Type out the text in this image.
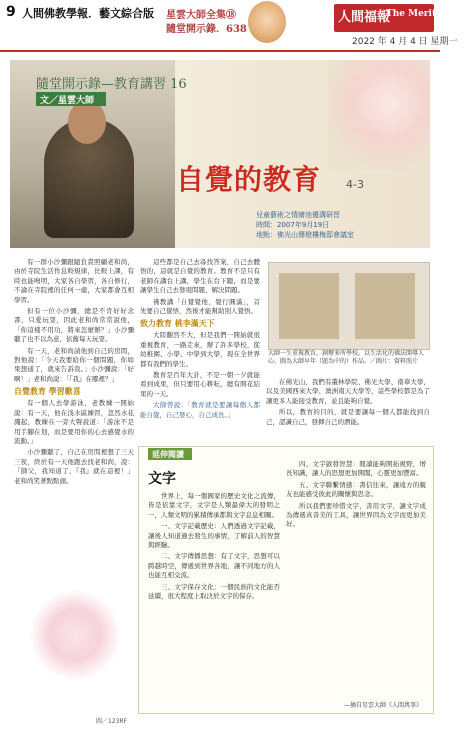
9 人間佛教學報．藝文綜合版 星雲大師全集⑱
隨堂開示錄．638
人間福報
The Merit Times
2022 年 4 月 4 日 星期一
隨堂開示錄—教育講習 16
文／星雲大師
自覺的教育 4-3
兒童藝術之情繪池優溝研習
時間：2007年9月19日
地點：佛光山傳燈樓梅邸會議室

有一群小沙彌跟隨負責照顧老和尚，由於寺院生活作息較規律，比較上課，有時也能鳴明，大家各自學習，各自修行，不論在寺院裡的任何一處，大家都會互相學習。

但有一位小沙彌，總是不肯好好念書，只愛玩耍，因此老和尚常常說他，「你這樣不用功，將來怎麼辦？」小沙彌聽了也不以為意，依舊每天玩耍。

有一天，老和尚請他到自己的房間，對他說：「今天我要給你一個問題，你如果想通了，就來告訴我。」小沙彌說：「好啊！」老和尚說：「『我』在哪裡？」

自覺教育 學習歡喜

有一個人去學游泳，老教練一開始說：有一天，他在浅水區練習，忽然水花濺起，教練在一旁大聲說道：「游泳不是用手腳在划，而是要用你的心去感覺水的流動。」

小沙彌聽了，自己在房間裡想了三天三夜，終於有一天他跑去找老和尚，說：「師父，我知道了，『我』就在這裡！」老和尚笑著點點頭。

這些都是自己去尋找答案，自己去體悟的，這就是自覺的教育。教育不是只有老師在講台上講，學生在台下聽，而是要讓學生自己去發現問題、解決問題。

佛教講「自覺覺他，覺行圓滿」，首先要自己覺悟，然後才能幫助別人覺悟。

致力教育 桃李滿天下

大陸翻然不大，但是我們一開始就很重視教育，一路走來，辦了許多學校，從幼稚園、小學、中學到大學，現在全世界都有我們的學生。

教育是百年大計，不是一朝一夕就能看到成果，但只要用心耕耘，總有開花結果的一天。

大師曾說：「教育就是要讓每個人都能自覺，自己發心，自己成長。」

大師一生重視教育，創辦多所學校，以生活化的佛法開導人心。圖為大師早年（題為中的）作品。／圖片：資料照片

在佛光山，我們有叢林學院、佛光大學、南華大學，以及美國西來大學、澳洲南天大學等，這些學校都是為了讓更多人能接受教育，並且能夠自覺。

所以，教育的目的，就是要讓每一個人都能找到自己，認識自己，發揮自己的潛能。

延伸閱讀
文字

世界上，每一個國家的歷史文化之流傳，皆是依靠文字，文字是人類最偉大的發明之一，人類文明的累積傳承都與文字息息相關。

一、文字記載歷史：人們透過文字記載，讓後人知道過去發生的事情，了解前人的智慧與經驗。

二、文字傳播思想：有了文字，思想可以跨越時空，傳遞到世界各地，讓不同地方的人也能互相交流。

三、文字保存文化：一個民族的文化能否延續，很大程度上取決於文字的保存。

四、文字啟發智慧：閱讀能夠開拓視野，增長知識，讓人的思想更加開闊，心靈更加豐富。

五、文字聯繫情感：書信往來，讓遠方的親友也能感受彼此的關懷與思念。

所以我們要珍惜文字，善用文字，讓文字成為傳遞真善美的工具，讓世界因為文字而更加美好。

—摘自星雲大師《人間萬事》
圖／123RF
